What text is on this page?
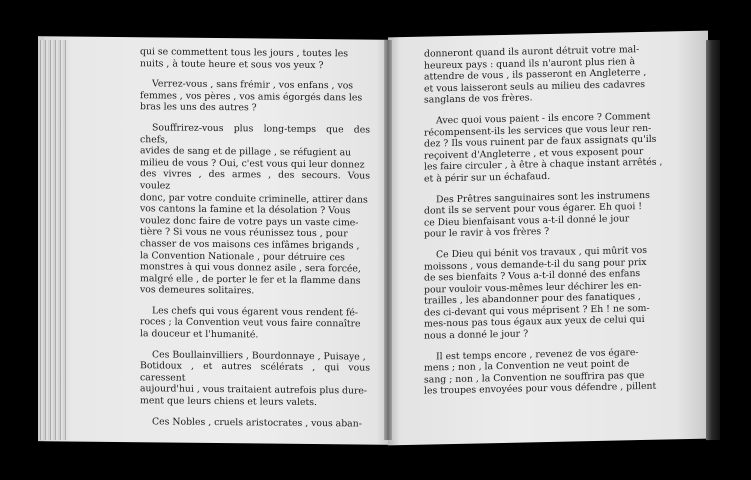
qui se commettent tous les jours , toutes les
nuits , à toute heure et sous vos yeux ?

Verrez-vous , sans frémir , vos enfans , vos
femmes , vos pères , vos amis égorgés dans les
bras les uns des autres ?

Souffrirez-vous plus long-temps que des chefs,
avides de sang et de pillage , se réfugient au
milieu de vous ? Oui, c'est vous qui leur donnez
des vivres , des armes , des secours. Vous voulez
donc, par votre conduite criminelle, attirer dans
vos cantons la famine et la désolation ? Vous
voulez donc faire de votre pays un vaste cime-
tière ? Si vous ne vous réunissez tous , pour
chasser de vos maisons ces infâmes brigands ,
la Convention Nationale , pour détruire ces
monstres à qui vous donnez asile , sera forcée,
malgré elle , de porter le fer et la flamme dans
vos demeures solitaires.

Les chefs qui vous égarent vous rendent fé-
roces ; la Convention veut vous faire connaître
la douceur et l'humanité.

Ces Boullainvilliers , Bourdonnaye , Puisaye ,
Botidoux , et autres scélérats , qui vous caressent
aujourd'hui , vous traitaient autrefois plus dure-
ment que leurs chiens et leurs valets.

Ces Nobles , cruels aristocrates , vous aban-

donneront quand ils auront détruit votre mal-
heureux pays : quand ils n'auront plus rien à
attendre de vous , ils passeront en Angleterre ,
et vous laisseront seuls au milieu des cadavres
sanglans de vos frères.

Avec quoi vous paient - ils encore ? Comment
récompensent-ils les services que vous leur ren-
dez ? Ils vous ruinent par de faux assignats qu'ils
reçoivent d'Angleterre , et vous exposent pour
les faire circuler , à être à chaque instant arrêtés ,
et à périr sur un échafaud.

Des Prêtres sanguinaires sont les instrumens
dont ils se servent pour vous égarer. Eh quoi !
ce Dieu bienfaisant vous a-t-il donné le jour
pour le ravir à vos frères ?

Ce Dieu qui bénit vos travaux , qui mûrit vos
moissons , vous demande-t-il du sang pour prix
de ses bienfaits ? Vous a-t-il donné des enfans
pour vouloir vous-mêmes leur déchirer les en-
trailles , les abandonner pour des fanatiques ,
des ci-devant qui vous méprisent ? Eh ! ne som-
mes-nous pas tous égaux aux yeux de celui qui
nous a donné le jour ?

Il est temps encore , revenez de vos égare-
mens ; non , la Convention ne veut point de
sang ; non , la Convention ne souffrira pas que
les troupes envoyées pour vous défendre , pillent
